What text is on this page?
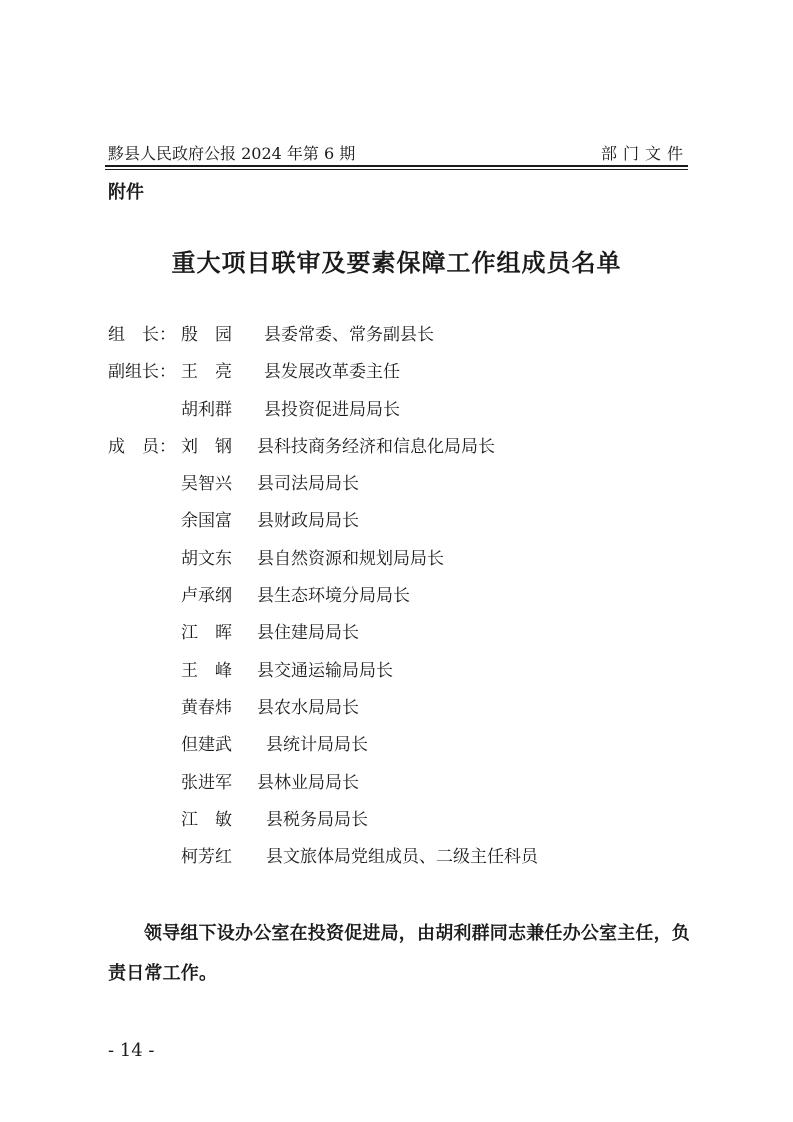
黟县人民政府公报 2024 年第 6 期	部门文件
附件
重大项目联审及要素保障工作组成员名单
组　长： 殷　园 县委常委、常务副县长
副组长： 王　亮 县发展改革委主任
胡利群 县投资促进局局长
成　员： 刘　钢 县科技商务经济和信息化局局长
吴智兴 县司法局局长
余国富 县财政局局长
胡文东 县自然资源和规划局局长
卢承纲 县生态环境分局局长
江　晖 县住建局局长
王　峰 县交通运输局局长
黄春炜 县农水局局长
但建武 县统计局局长
张进军 县林业局局长
江　敏 县税务局局长
柯芳红 县文旅体局党组成员、二级主任科员
领导组下设办公室在投资促进局，由胡利群同志兼任办公室主任，负责日常工作。
- 14 -
